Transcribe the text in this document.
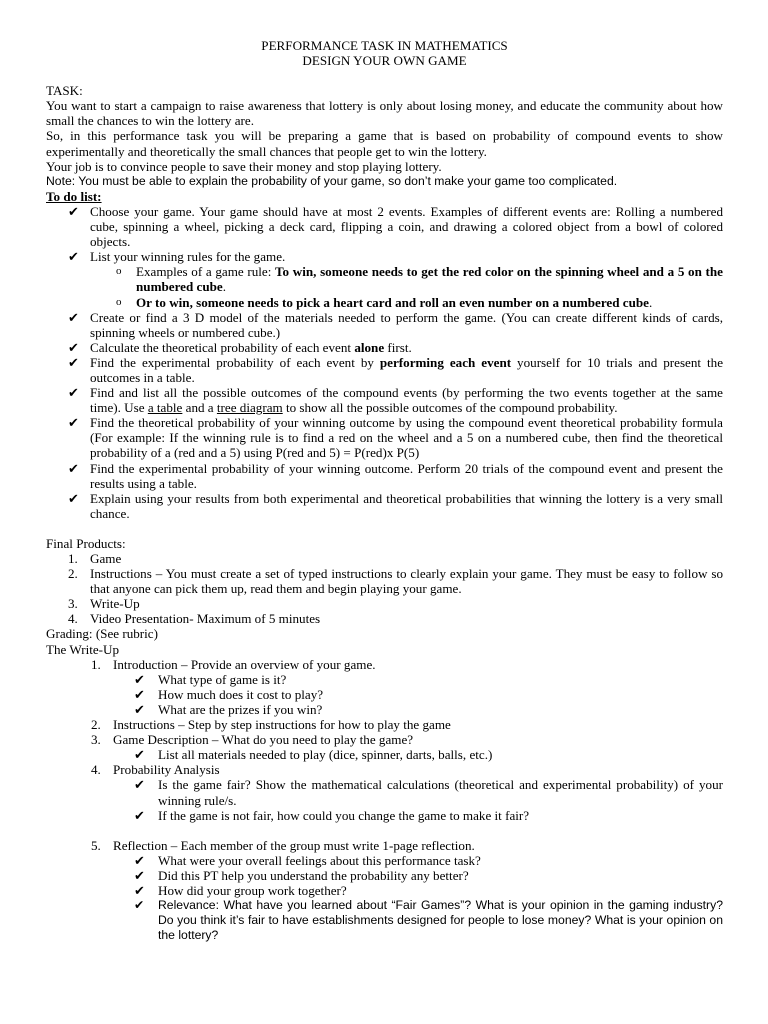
PERFORMANCE TASK IN MATHEMATICS
DESIGN YOUR OWN GAME
TASK:
You want to start a campaign to raise awareness that lottery is only about losing money, and educate the community about how small the chances to win the lottery are.
So, in this performance task you will be preparing a game that is based on probability of compound events to show experimentally and theoretically the small chances that people get to win the lottery.
Your job is to convince people to save their money and stop playing lottery.
Note: You must be able to explain the probability of your game, so don’t make your game too complicated.
To do list:
✔ Choose your game. Your game should have at most 2 events. Examples of different events are: Rolling a numbered cube, spinning a wheel, picking a deck card, flipping a coin, and drawing a colored object from a bowl of colored objects.
✔ List your winning rules for the game.
o Examples of a game rule: To win, someone needs to get the red color on the spinning wheel and a 5 on the numbered cube.
o Or to win, someone needs to pick a heart card and roll an even number on a numbered cube.
✔ Create or find a 3 D model of the materials needed to perform the game. (You can create different kinds of cards, spinning wheels or numbered cube.)
✔ Calculate the theoretical probability of each event alone first.
✔ Find the experimental probability of each event by performing each event yourself for 10 trials and present the outcomes in a table.
✔ Find and list all the possible outcomes of the compound events (by performing the two events together at the same time). Use a table and a tree diagram to show all the possible outcomes of the compound probability.
✔ Find the theoretical probability of your winning outcome by using the compound event theoretical probability formula (For example: If the winning rule is to find a red on the wheel and a 5 on a numbered cube, then find the theoretical probability of a (red and a 5) using P(red and 5) = P(red)x P(5)
✔ Find the experimental probability of your winning outcome. Perform 20 trials of the compound event and present the results using a table.
✔ Explain using your results from both experimental and theoretical probabilities that winning the lottery is a very small chance.
Final Products:
1. Game
2. Instructions – You must create a set of typed instructions to clearly explain your game. They must be easy to follow so that anyone can pick them up, read them and begin playing your game.
3. Write-Up
4. Video Presentation- Maximum of 5 minutes
Grading: (See rubric)
The Write-Up
1. Introduction – Provide an overview of your game.
✔ What type of game is it?
✔ How much does it cost to play?
✔ What are the prizes if you win?
2. Instructions – Step by step instructions for how to play the game
3. Game Description – What do you need to play the game?
✔ List all materials needed to play (dice, spinner, darts, balls, etc.)
4. Probability Analysis
✔ Is the game fair? Show the mathematical calculations (theoretical and experimental probability) of your winning rule/s.
✔ If the game is not fair, how could you change the game to make it fair?
5. Reflection – Each member of the group must write 1-page reflection.
✔ What were your overall feelings about this performance task?
✔ Did this PT help you understand the probability any better?
✔ How did your group work together?
✔ Relevance: What have you learned about “Fair Games”? What is your opinion in the gaming industry? Do you think it’s fair to have establishments designed for people to lose money? What is your opinion on the lottery?
